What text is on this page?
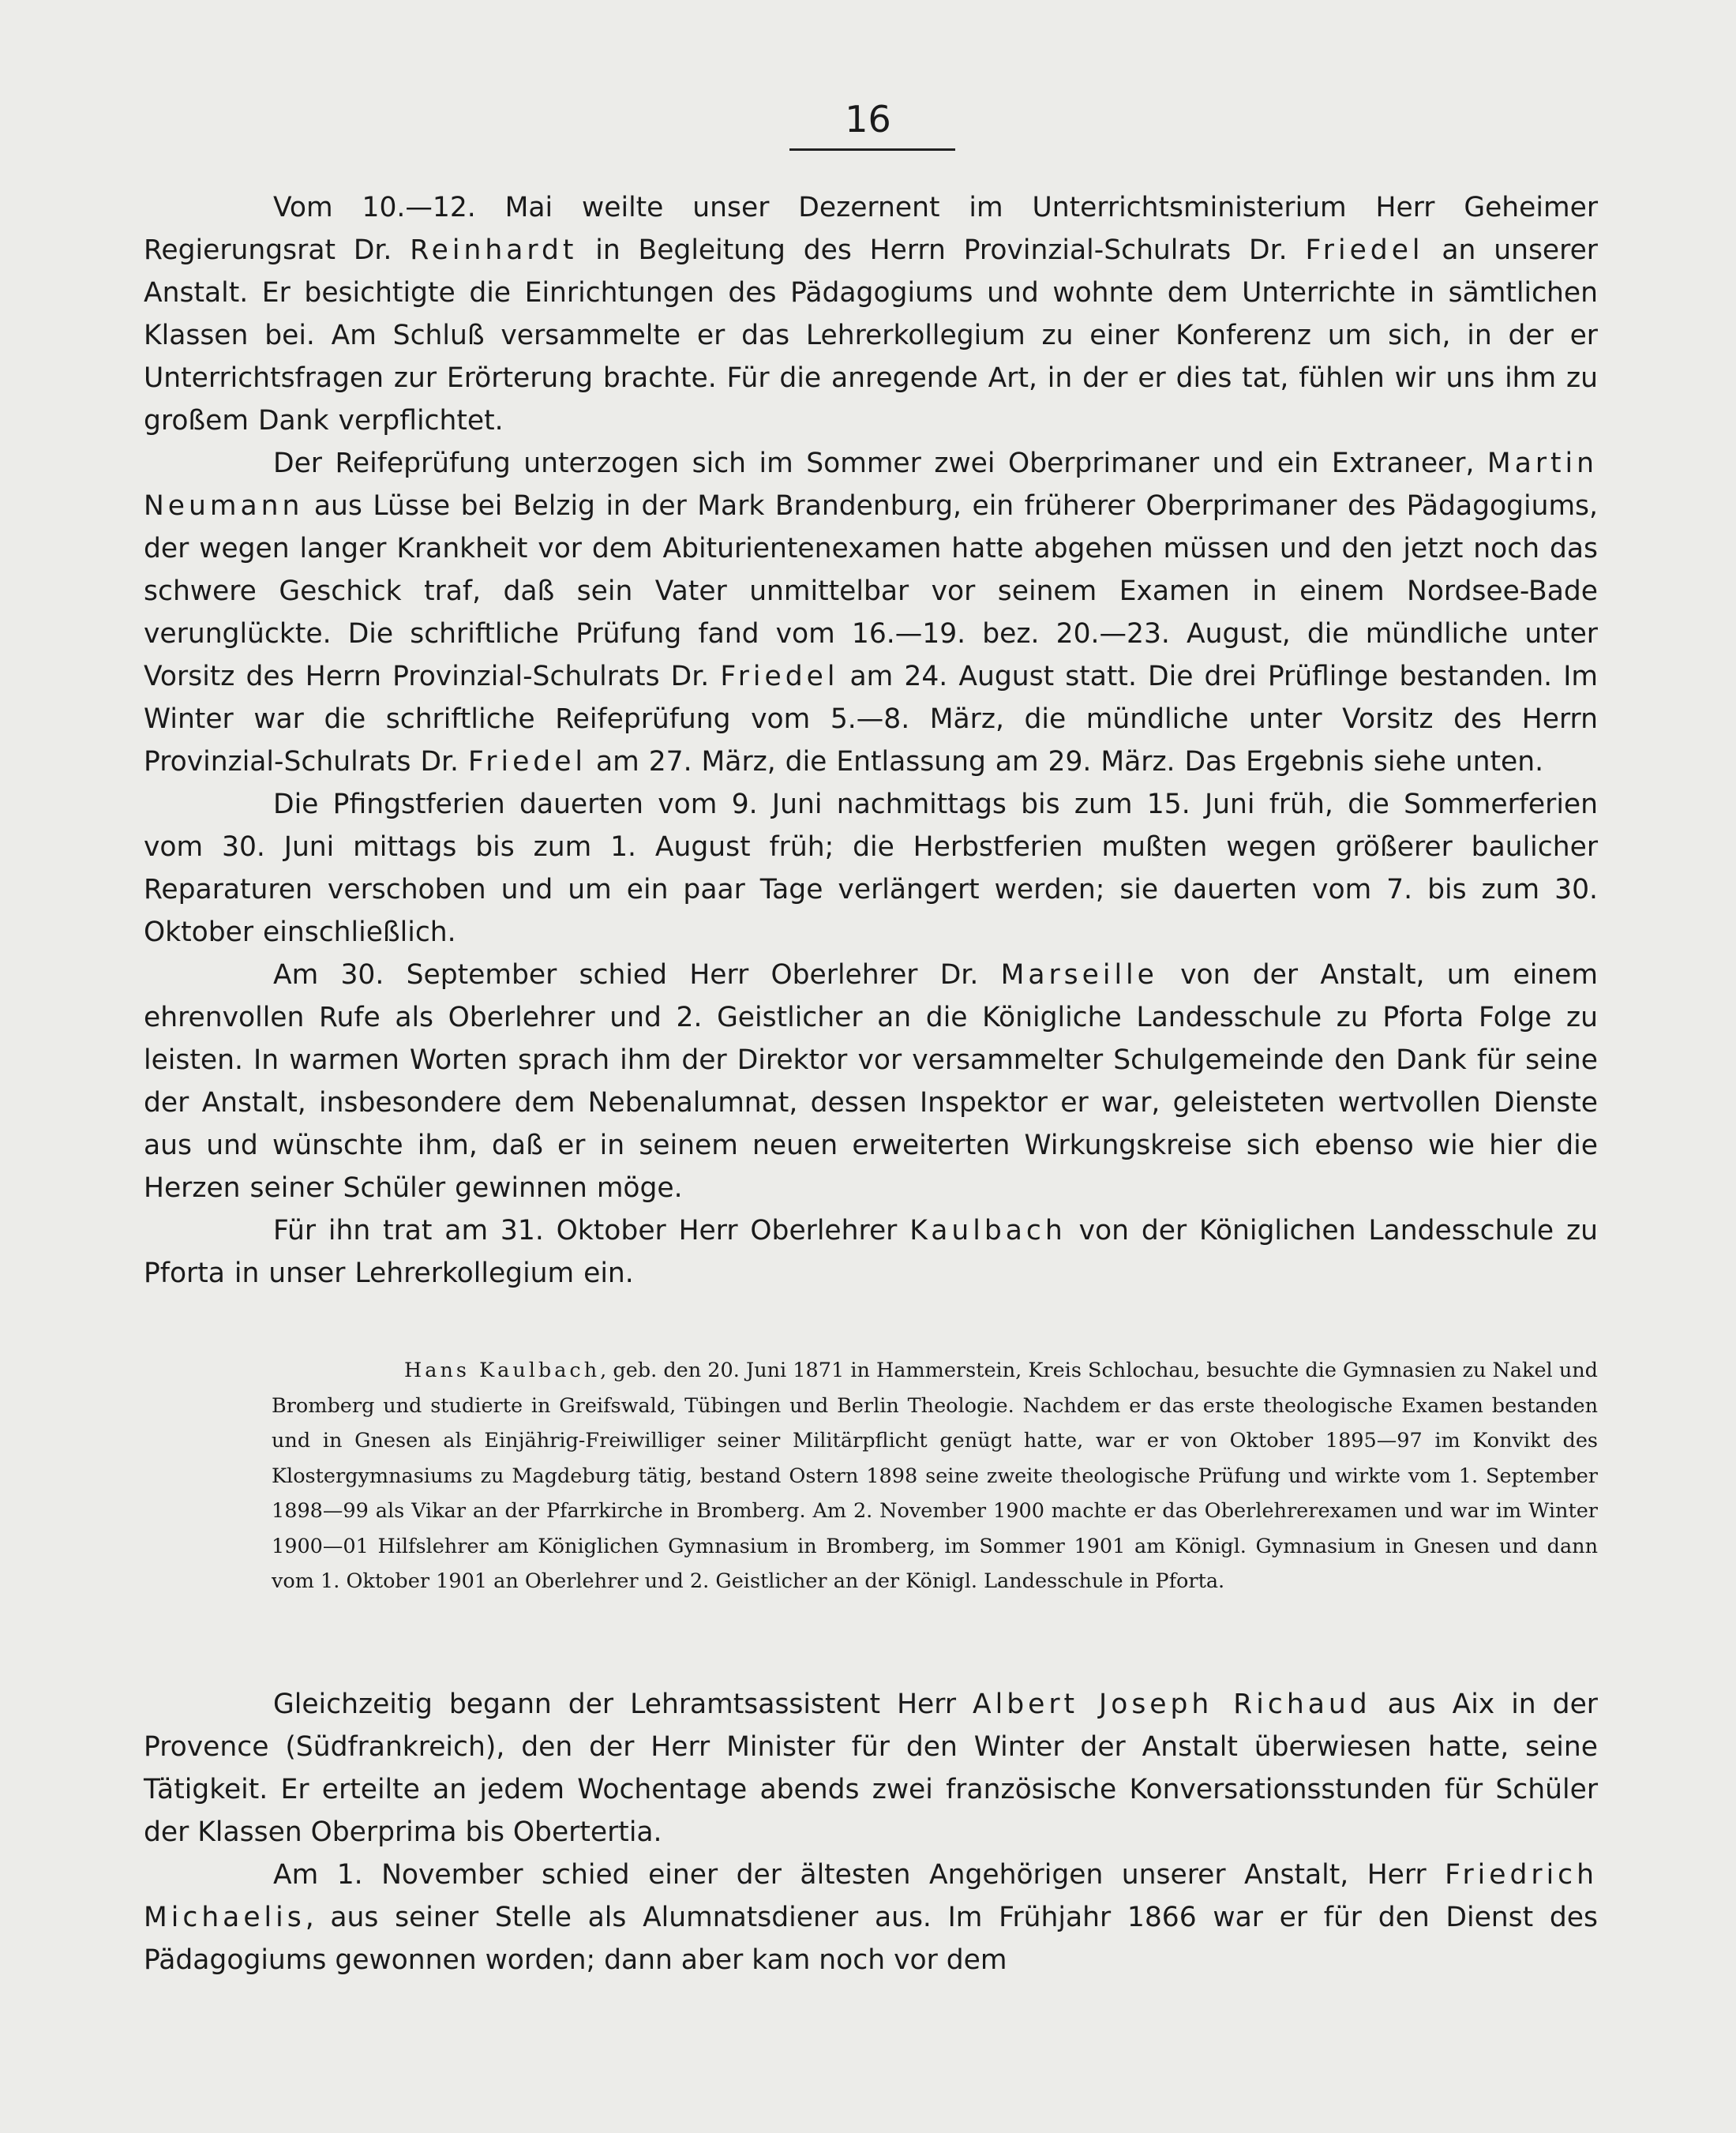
16

Vom 10.—12. Mai weilte unser Dezernent im Unterrichtsministerium Herr Geheimer Regierungsrat Dr. Reinhardt in Begleitung des Herrn Provinzial-Schulrats Dr. Friedel an unserer Anstalt. Er besichtigte die Einrichtungen des Pädagogiums und wohnte dem Unterrichte in sämtlichen Klassen bei. Am Schluß versammelte er das Lehrerkollegium zu einer Konferenz um sich, in der er Unterrichtsfragen zur Erörterung brachte. Für die anregende Art, in der er dies tat, fühlen wir uns ihm zu großem Dank verpflichtet.

Der Reifeprüfung unterzogen sich im Sommer zwei Oberprimaner und ein Extraneer, Martin Neumann aus Lüsse bei Belzig in der Mark Brandenburg, ein früherer Oberprimaner des Pädagogiums, der wegen langer Krankheit vor dem Abiturientenexamen hatte abgehen müssen und den jetzt noch das schwere Geschick traf, daß sein Vater unmittelbar vor seinem Examen in einem Nordsee-Bade verunglückte. Die schriftliche Prüfung fand vom 16.—19. bez. 20.—23. August, die mündliche unter Vorsitz des Herrn Provinzial-Schulrats Dr. Friedel am 24. August statt. Die drei Prüflinge bestanden. Im Winter war die schriftliche Reifeprüfung vom 5.—8. März, die mündliche unter Vorsitz des Herrn Provinzial-Schulrats Dr. Friedel am 27. März, die Entlassung am 29. März. Das Ergebnis siehe unten.

Die Pfingstferien dauerten vom 9. Juni nachmittags bis zum 15. Juni früh, die Sommerferien vom 30. Juni mittags bis zum 1. August früh; die Herbstferien mußten wegen größerer baulicher Reparaturen verschoben und um ein paar Tage verlängert werden; sie dauerten vom 7. bis zum 30. Oktober einschließlich.

Am 30. September schied Herr Oberlehrer Dr. Marseille von der Anstalt, um einem ehrenvollen Rufe als Oberlehrer und 2. Geistlicher an die Königliche Landesschule zu Pforta Folge zu leisten. In warmen Worten sprach ihm der Direktor vor versammelter Schulgemeinde den Dank für seine der Anstalt, insbesondere dem Nebenalumnat, dessen Inspektor er war, geleisteten wertvollen Dienste aus und wünschte ihm, daß er in seinem neuen erweiterten Wirkungskreise sich ebenso wie hier die Herzen seiner Schüler gewinnen möge.

Für ihn trat am 31. Oktober Herr Oberlehrer Kaulbach von der Königlichen Landesschule zu Pforta in unser Lehrerkollegium ein.

Hans Kaulbach, geb. den 20. Juni 1871 in Hammerstein, Kreis Schlochau, besuchte die Gymnasien zu Nakel und Bromberg und studierte in Greifswald, Tübingen und Berlin Theologie. Nachdem er das erste theologische Examen bestanden und in Gnesen als Einjährig-Freiwilliger seiner Militärpflicht genügt hatte, war er von Oktober 1895—97 im Konvikt des Klostergymnasiums zu Magdeburg tätig, bestand Ostern 1898 seine zweite theologische Prüfung und wirkte vom 1. September 1898—99 als Vikar an der Pfarrkirche in Bromberg. Am 2. November 1900 machte er das Oberlehrerexamen und war im Winter 1900—01 Hilfslehrer am Königlichen Gymnasium in Bromberg, im Sommer 1901 am Königl. Gymnasium in Gnesen und dann vom 1. Oktober 1901 an Oberlehrer und 2. Geistlicher an der Königl. Landesschule in Pforta.

Gleichzeitig begann der Lehramtsassistent Herr Albert Joseph Richaud aus Aix in der Provence (Südfrankreich), den der Herr Minister für den Winter der Anstalt überwiesen hatte, seine Tätigkeit. Er erteilte an jedem Wochentage abends zwei französische Konversationsstunden für Schüler der Klassen Oberprima bis Obertertia.

Am 1. November schied einer der ältesten Angehörigen unserer Anstalt, Herr Friedrich Michaelis, aus seiner Stelle als Alumnatsdiener aus. Im Frühjahr 1866 war er für den Dienst des Pädagogiums gewonnen worden; dann aber kam noch vor dem
